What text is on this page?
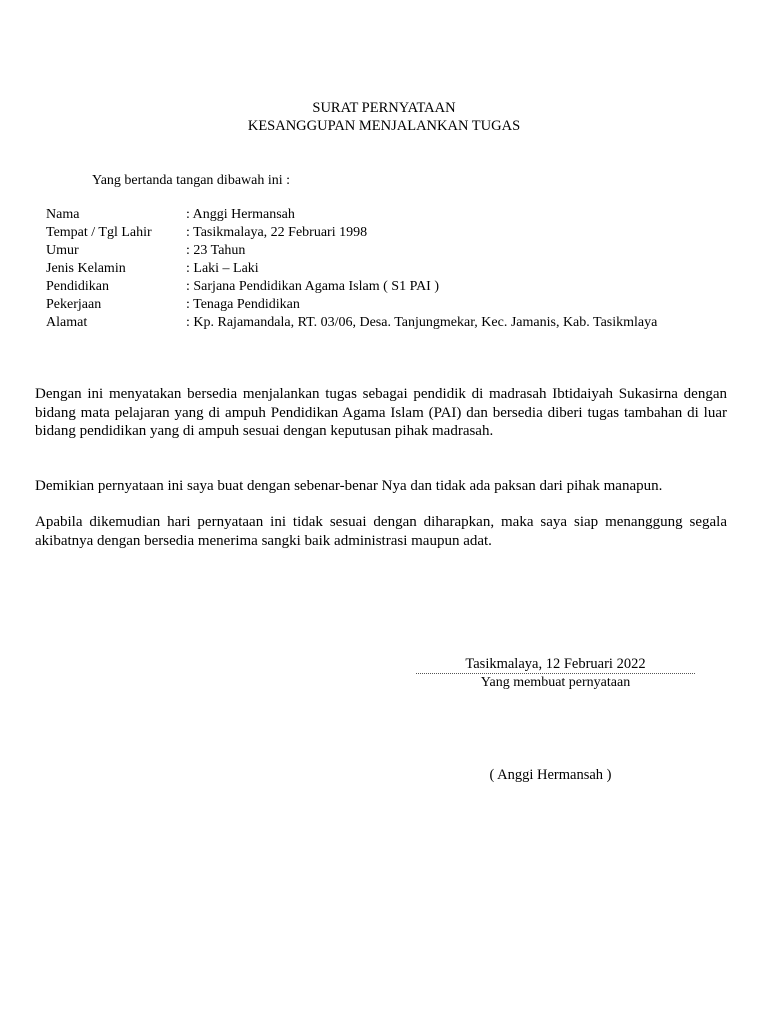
SURAT PERNYATAAN
KESANGGUPAN MENJALANKAN TUGAS
Yang bertanda tangan dibawah ini :
Nama	: Anggi Hermansah
Tempat / Tgl Lahir	: Tasikmalaya, 22 Februari 1998
Umur	: 23 Tahun
Jenis Kelamin	: Laki – Laki
Pendidikan	: Sarjana Pendidikan Agama Islam ( S1 PAI )
Pekerjaan	: Tenaga Pendidikan
Alamat	: Kp. Rajamandala, RT. 03/06, Desa. Tanjungmekar, Kec. Jamanis, Kab. Tasikmlaya

Dengan ini menyatakan bersedia menjalankan tugas sebagai pendidik di madrasah Ibtidaiyah Sukasirna dengan bidang mata pelajaran yang di ampuh Pendidikan Agama Islam (PAI) dan bersedia diberi tugas tambahan di luar bidang pendidikan yang di ampuh sesuai dengan keputusan pihak madrasah.

Demikian pernyataan ini saya buat dengan sebenar-benar Nya dan tidak ada paksan dari pihak manapun.

Apabila dikemudian hari pernyataan ini tidak sesuai dengan diharapkan, maka saya siap menanggung segala akibatnya dengan bersedia menerima sangki baik administrasi maupun adat.

Tasikmalaya, 12 Februari 2022
Yang membuat pernyataan
( Anggi Hermansah )
